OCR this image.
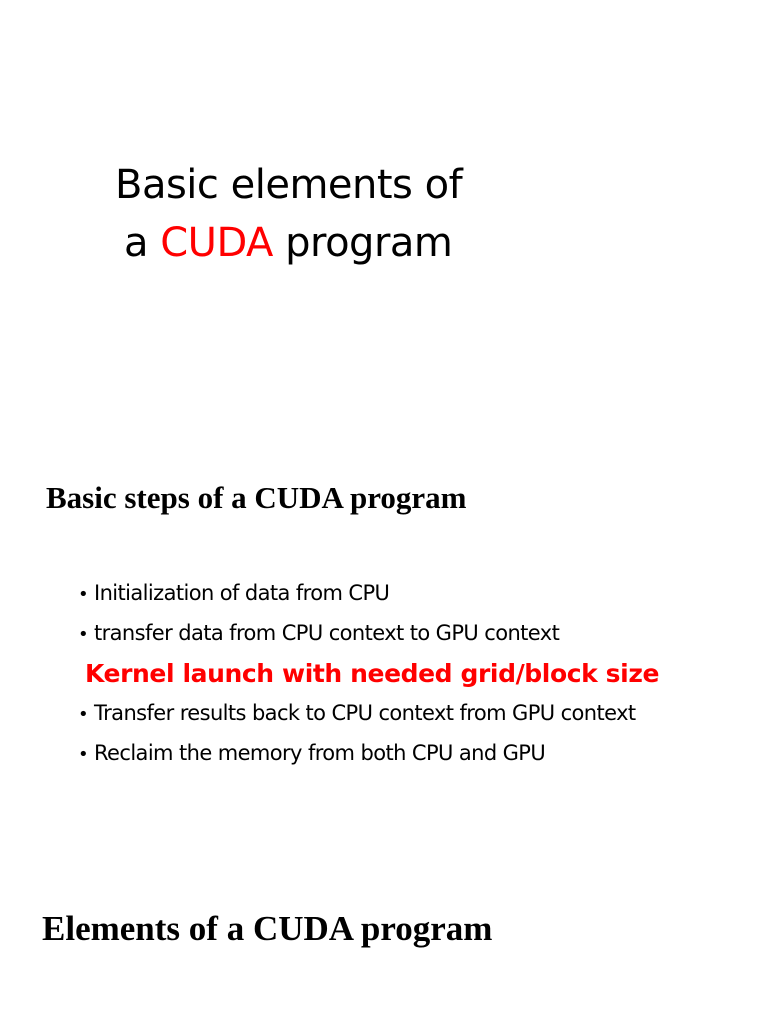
Basic elements of
a CUDA program
Basic steps of a CUDA program
• Initialization of data from CPU
• transfer data from CPU context to GPU context
Kernel launch with needed grid/block size
• Transfer results back to CPU context from GPU context
• Reclaim the memory from both CPU and GPU
Elements of a CUDA program
